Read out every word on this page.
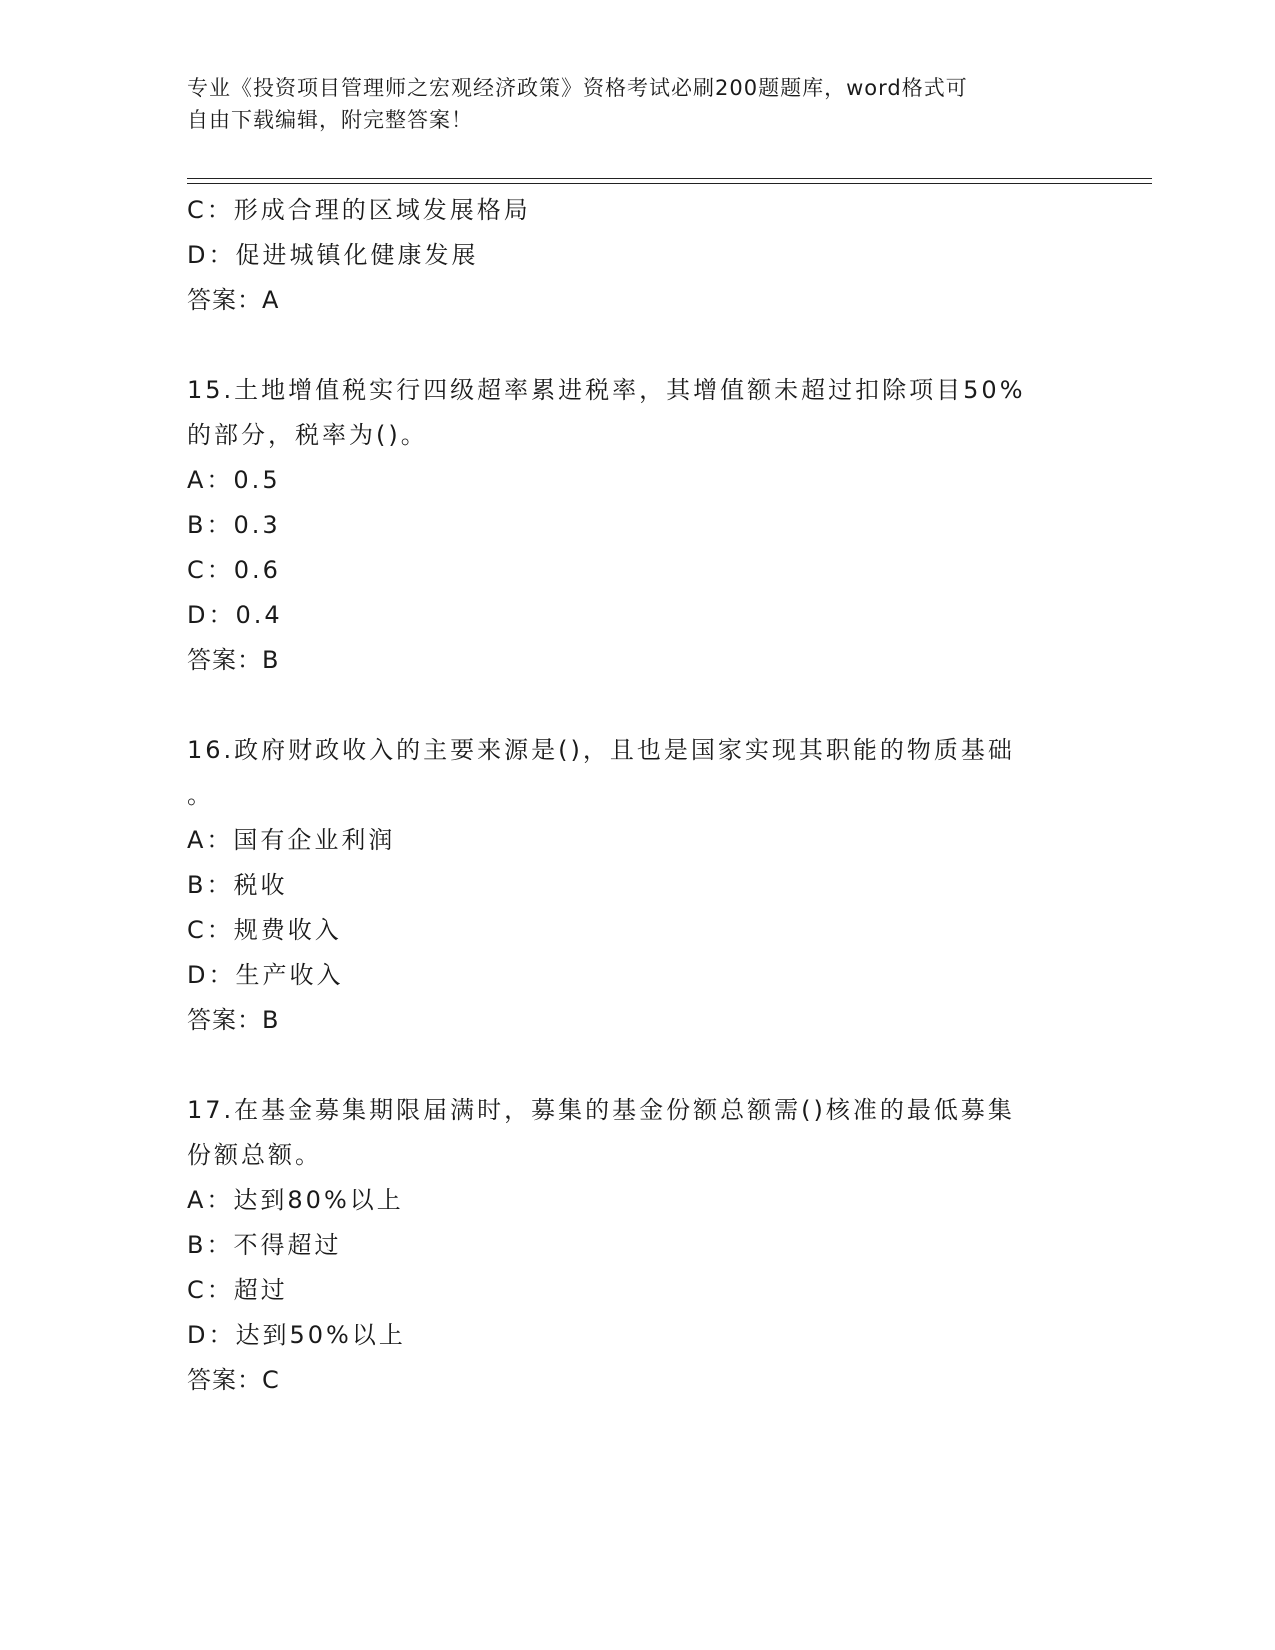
专业《投资项目管理师之宏观经济政策》资格考试必刷200题题库，word格式可
自由下载编辑，附完整答案！
C：形成合理的区域发展格局
D：促进城镇化健康发展
答案：A
15.土地增值税实行四级超率累进税率，其增值额未超过扣除项目50%
的部分，税率为()。
A：0.5
B：0.3
C：0.6
D：0.4
答案：B
16.政府财政收入的主要来源是()，且也是国家实现其职能的物质基础
。
A：国有企业利润
B：税收
C：规费收入
D：生产收入
答案：B
17.在基金募集期限届满时，募集的基金份额总额需()核准的最低募集
份额总额。
A：达到80%以上
B：不得超过
C：超过
D：达到50%以上
答案：C
